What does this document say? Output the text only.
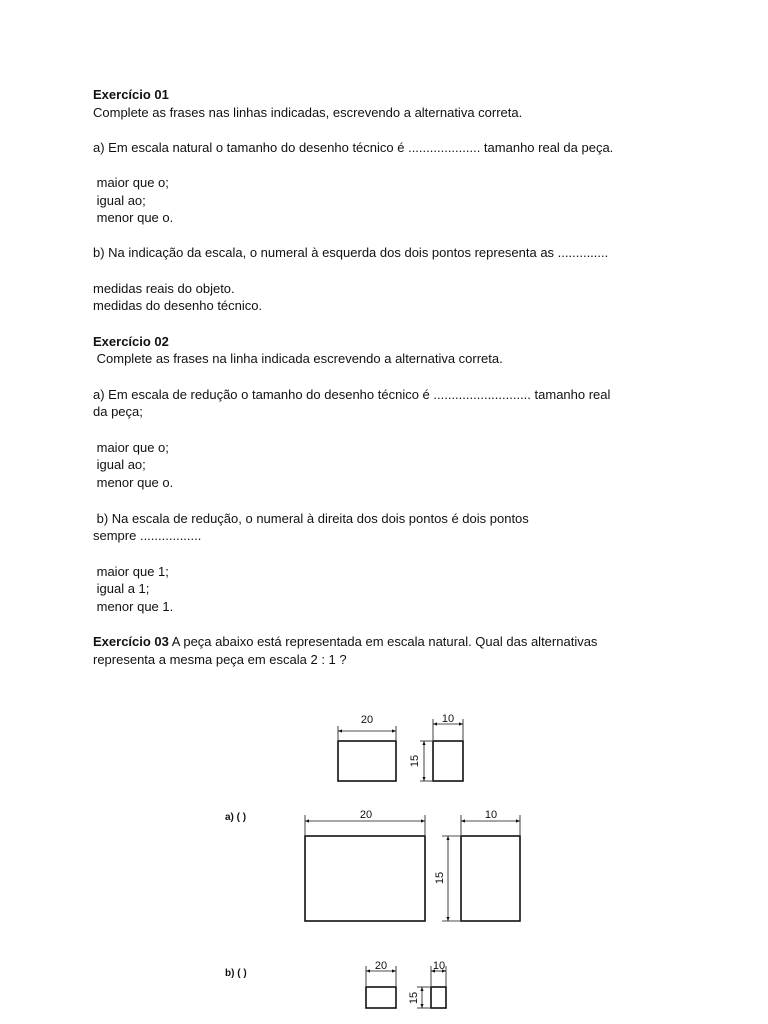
Exercício 01

Complete as frases nas linhas indicadas, escrevendo a alternativa correta.

a) Em escala natural o tamanho do desenho técnico é .................... tamanho real da peça.

maior que o;

igual ao;

menor que o.

b) Na indicação da escala, o numeral à esquerda dos dois pontos representa as ..............

medidas reais do objeto.

medidas do desenho técnico.

Exercício 02

Complete as frases na linha indicada escrevendo a alternativa correta.

a) Em escala de redução o tamanho do desenho técnico é ........................... tamanho real

da peça;

maior que o;

igual ao;

menor que o.

b) Na escala de redução, o numeral à direita dos dois pontos é dois pontos

sempre .................

maior que 1;

igual a 1;

menor que 1.

Exercício 03 A peça abaixo está representada em escala natural. Qual das alternativas

representa a mesma peça em escala 2 : 1 ?

20	10
15
a) ( )	20	10
15
b) ( )
20	10
15
